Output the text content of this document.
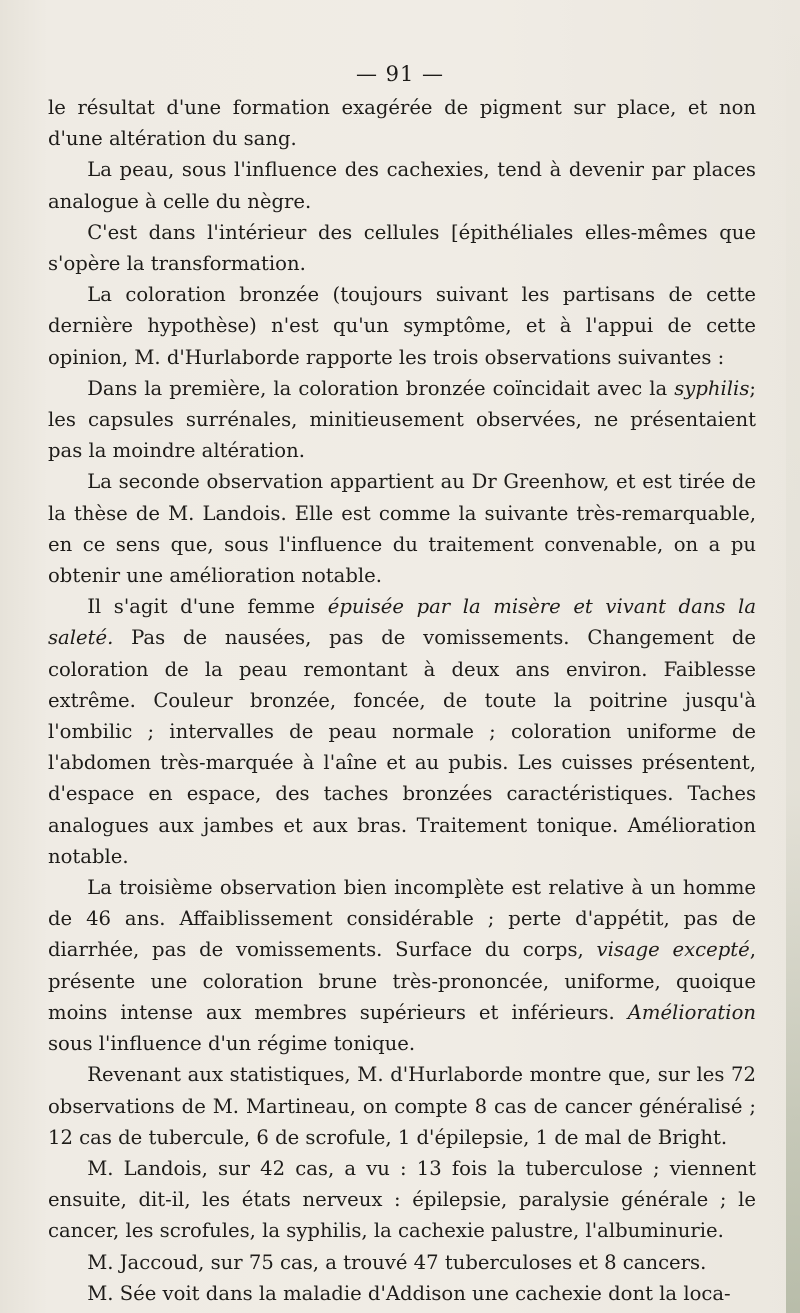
— 91 —

le résultat d'une formation exagérée de pigment sur place, et non d'une altération du sang.

La peau, sous l'influence des cachexies, tend à devenir par places analogue à celle du nègre.

C'est dans l'intérieur des cellules [épithéliales elles-mêmes que s'opère la transformation.

La coloration bronzée (toujours suivant les partisans de cette dernière hypothèse) n'est qu'un symptôme, et à l'appui de cette opinion, M. d'Hurlaborde rapporte les trois observations suivantes :

Dans la première, la coloration bronzée coïncidait avec la syphilis; les capsules surrénales, minitieusement observées, ne présentaient pas la moindre altération.

La seconde observation appartient au Dr Greenhow, et est tirée de la thèse de M. Landois. Elle est comme la suivante très-remarquable, en ce sens que, sous l'influence du traitement convenable, on a pu obtenir une amélioration notable.

Il s'agit d'une femme épuisée par la misère et vivant dans la saleté. Pas de nausées, pas de vomissements. Changement de coloration de la peau remontant à deux ans environ. Faiblesse extrême. Couleur bronzée, foncée, de toute la poitrine jusqu'à l'ombilic ; intervalles de peau normale ; coloration uniforme de l'abdomen très-marquée à l'aîne et au pubis. Les cuisses présentent, d'espace en espace, des taches bronzées caractéristiques. Taches analogues aux jambes et aux bras. Traitement tonique. Amélioration notable.

La troisième observation bien incomplète est relative à un homme de 46 ans. Affaiblissement considérable ; perte d'appétit, pas de diarrhée, pas de vomissements. Surface du corps, visage excepté, présente une coloration brune très-prononcée, uniforme, quoique moins intense aux membres supérieurs et inférieurs. Amélioration sous l'influence d'un régime tonique.

Revenant aux statistiques, M. d'Hurlaborde montre que, sur les 72 observations de M. Martineau, on compte 8 cas de cancer généralisé ; 12 cas de tubercule, 6 de scrofule, 1 d'épilepsie, 1 de mal de Bright.

M. Landois, sur 42 cas, a vu : 13 fois la tuberculose ; viennent ensuite, dit-il, les états nerveux : épilepsie, paralysie générale ; le cancer, les scrofules, la syphilis, la cachexie palustre, l'albuminurie.

M. Jaccoud, sur 75 cas, a trouvé 47 tuberculoses et 8 cancers.

M. Sée voit dans la maladie d'Addison une cachexie dont la loca-
